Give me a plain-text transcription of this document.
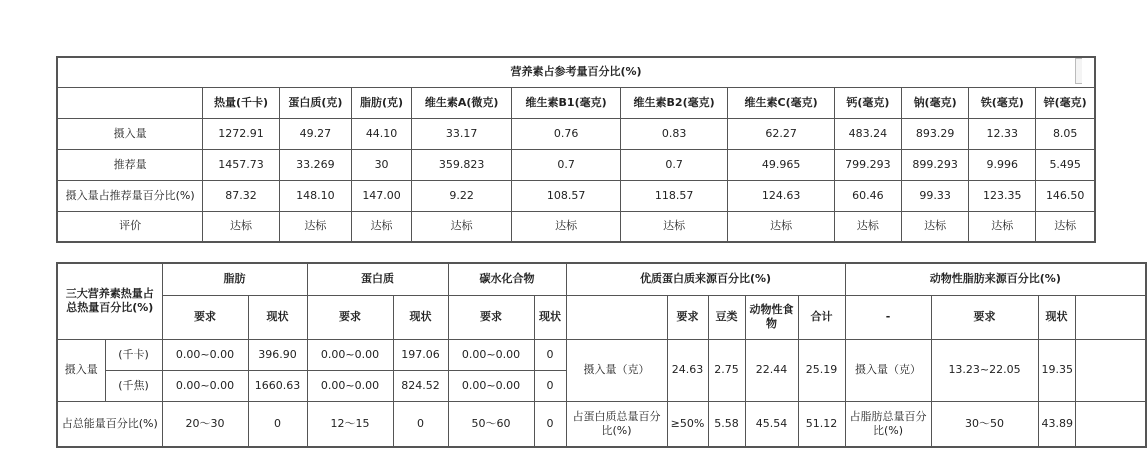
营养素占参考量百分比(%)											
	热量(千卡)	蛋白质(克)	脂肪(克)	维生素A(微克)	维生素B1(毫克)	维生素B2(毫克)	维生素C(毫克)	钙(毫克)	钠(毫克)	铁(毫克)	锌(毫克)
摄入量	1272.91	49.27	44.10	33.17	0.76	0.83	62.27	483.24	893.29	12.33	8.05
推荐量	1457.73	33.269	30	359.823	0.7	0.7	49.965	799.293	899.293	9.996	5.495
摄入量占推荐量百分比(%)	87.32	148.10	147.00	9.22	108.57	118.57	124.63	60.46	99.33	123.35	146.50
评价	达标	达标	达标	达标	达标	达标	达标	达标	达标	达标	达标
三大营养素热量占总热量百分比(%)		脂肪		蛋白质		碳水化合物		优质蛋白质来源百分比(%)					动物性脂肪来源百分比(%)			
		要求	现状	要求	现状	要求	现状		要求	豆类	动物性食物	合计	-	要求	现状	
摄入量	(千卡)	0.00~0.00	396.90	0.00~0.00	197.06	0.00~0.00	0	摄入量（克）	24.63	2.75	22.44	25.19	摄入量（克）	13.23~22.05	19.35	
	(千焦)	0.00~0.00	1660.63	0.00~0.00	824.52	0.00~0.00	0									
占总能量百分比(%)		20～30	0	12～15	0	50～60	0	占蛋白质总量百分比(%)	≥50%	5.58	45.54	51.12	占脂肪总量百分比(%)	30～50	43.89	
